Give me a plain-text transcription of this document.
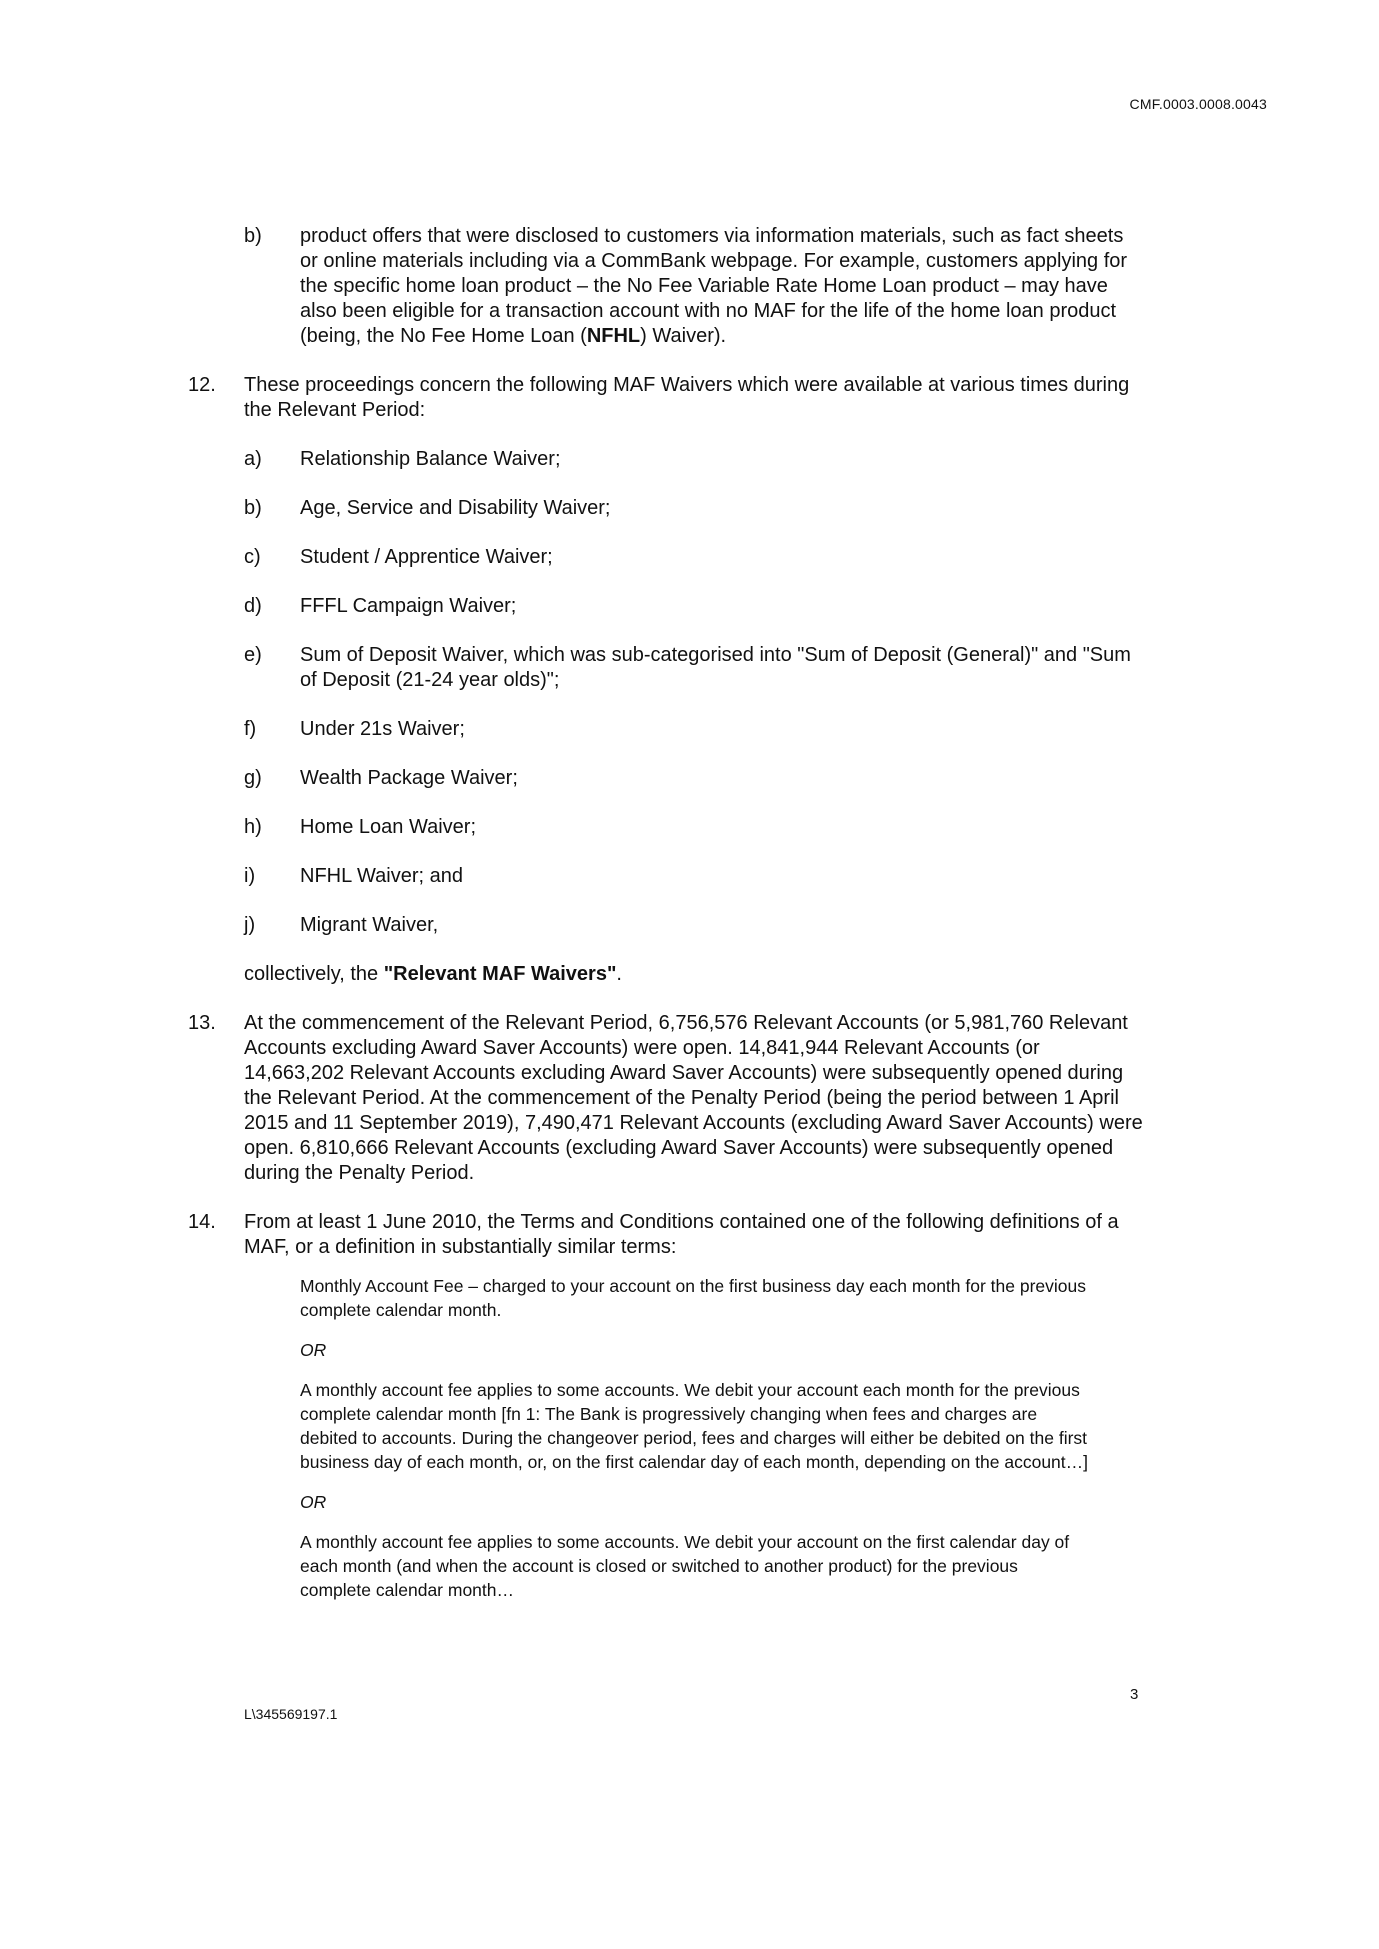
CMF.0003.0008.0043
b)	product offers that were disclosed to customers via information materials, such as fact sheets or online materials including via a CommBank webpage. For example, customers applying for the specific home loan product – the No Fee Variable Rate Home Loan product – may have also been eligible for a transaction account with no MAF for the life of the home loan product (being, the No Fee Home Loan (NFHL) Waiver).
12.	These proceedings concern the following MAF Waivers which were available at various times during the Relevant Period:
a)	Relationship Balance Waiver;
b)	Age, Service and Disability Waiver;
c)	Student / Apprentice Waiver;
d)	FFFL Campaign Waiver;
e)	Sum of Deposit Waiver, which was sub-categorised into "Sum of Deposit (General)" and "Sum of Deposit (21-24 year olds)";
f)	Under 21s Waiver;
g)	Wealth Package Waiver;
h)	Home Loan Waiver;
i)	NFHL Waiver; and
j)	Migrant Waiver,
collectively, the "Relevant MAF Waivers".
13.	At the commencement of the Relevant Period, 6,756,576 Relevant Accounts (or 5,981,760 Relevant Accounts excluding Award Saver Accounts) were open. 14,841,944 Relevant Accounts (or 14,663,202 Relevant Accounts excluding Award Saver Accounts) were subsequently opened during the Relevant Period. At the commencement of the Penalty Period (being the period between 1 April 2015 and 11 September 2019), 7,490,471 Relevant Accounts (excluding Award Saver Accounts) were open. 6,810,666 Relevant Accounts (excluding Award Saver Accounts) were subsequently opened during the Penalty Period.
14.	From at least 1 June 2010, the Terms and Conditions contained one of the following definitions of a MAF, or a definition in substantially similar terms:

Monthly Account Fee – charged to your account on the first business day each month for the previous complete calendar month.

OR

A monthly account fee applies to some accounts. We debit your account each month for the previous complete calendar month [fn 1: The Bank is progressively changing when fees and charges are debited to accounts. During the changeover period, fees and charges will either be debited on the first business day of each month, or, on the first calendar day of each month, depending on the account…]

OR

A monthly account fee applies to some accounts. We debit your account on the first calendar day of each month (and when the account is closed or switched to another product) for the previous complete calendar month…

3
L\345569197.1
